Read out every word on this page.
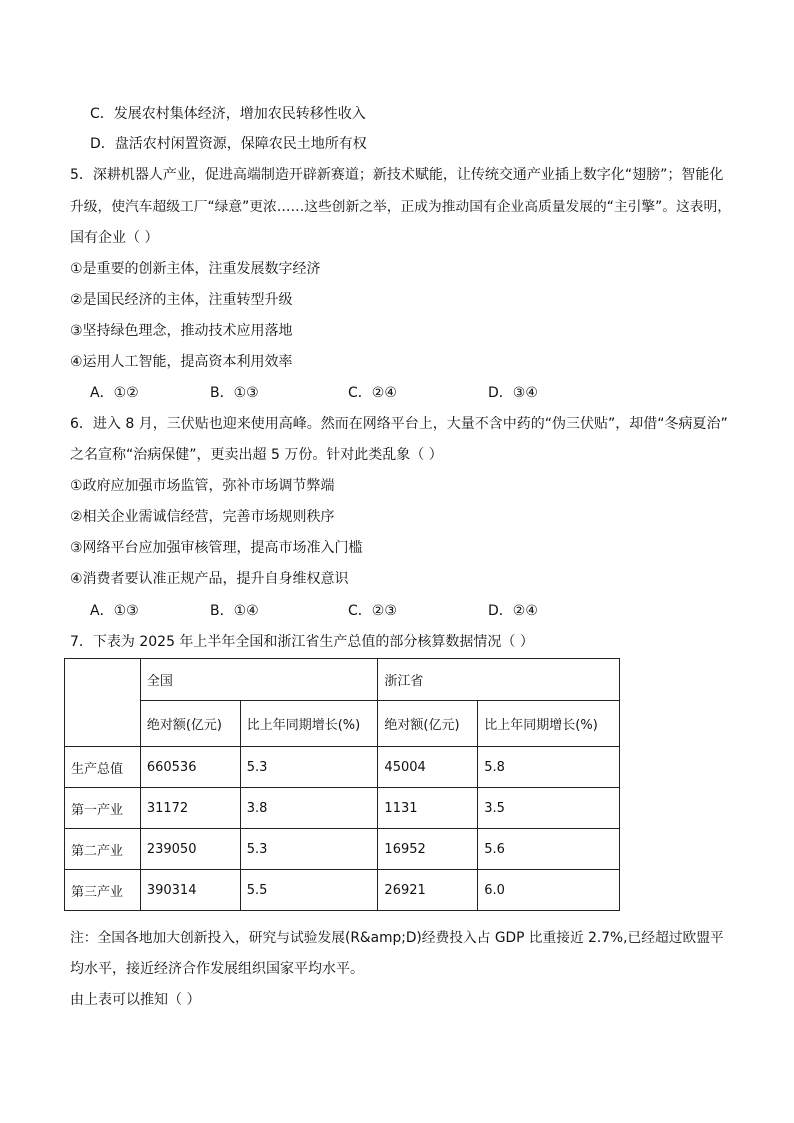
C．发展农村集体经济，增加农民转移性收入
D．盘活农村闲置资源，保障农民土地所有权
5．深耕机器人产业，促进高端制造开辟新赛道；新技术赋能，让传统交通产业插上数字化“翅膀”；智能化
升级，使汽车超级工厂“绿意”更浓……这些创新之举，正成为推动国有企业高质量发展的“主引擎”。这表明，
国有企业（ ）
①是重要的创新主体，注重发展数字经济
②是国民经济的主体，注重转型升级
③坚持绿色理念，推动技术应用落地
④运用人工智能，提高资本利用效率
A．①②	B．①③	C．②④	D．③④
6．进入 8 月，三伏贴也迎来使用高峰。然而在网络平台上，大量不含中药的“伪三伏贴”，却借“冬病夏治”
之名宣称“治病保健”，更卖出超 5 万份。针对此类乱象（ ）
①政府应加强市场监管，弥补市场调节弊端
②相关企业需诚信经营，完善市场规则秩序
③网络平台应加强审核管理，提高市场准入门槛
④消费者要认准正规产品，提升自身维权意识
A．①③	B．①④	C．②③	D．②④
7．下表为 2025 年上半年全国和浙江省生产总值的部分核算数据情况（ ）
	全国		浙江省	
	绝对额(亿元)	比上年同期增长(%)	绝对额(亿元)	比上年同期增长(%)
生产总值	660536	5.3	45004	5.8
第一产业	31172	3.8	1131	3.5
第二产业	239050	5.3	16952	5.6
第三产业	390314	5.5	26921	6.0
注：全国各地加大创新投入，研究与试验发展(R&amp;D)经费投入占 GDP 比重接近 2.7%,已经超过欧盟平
均水平，接近经济合作发展组织国家平均水平。
由上表可以推知（ ）
